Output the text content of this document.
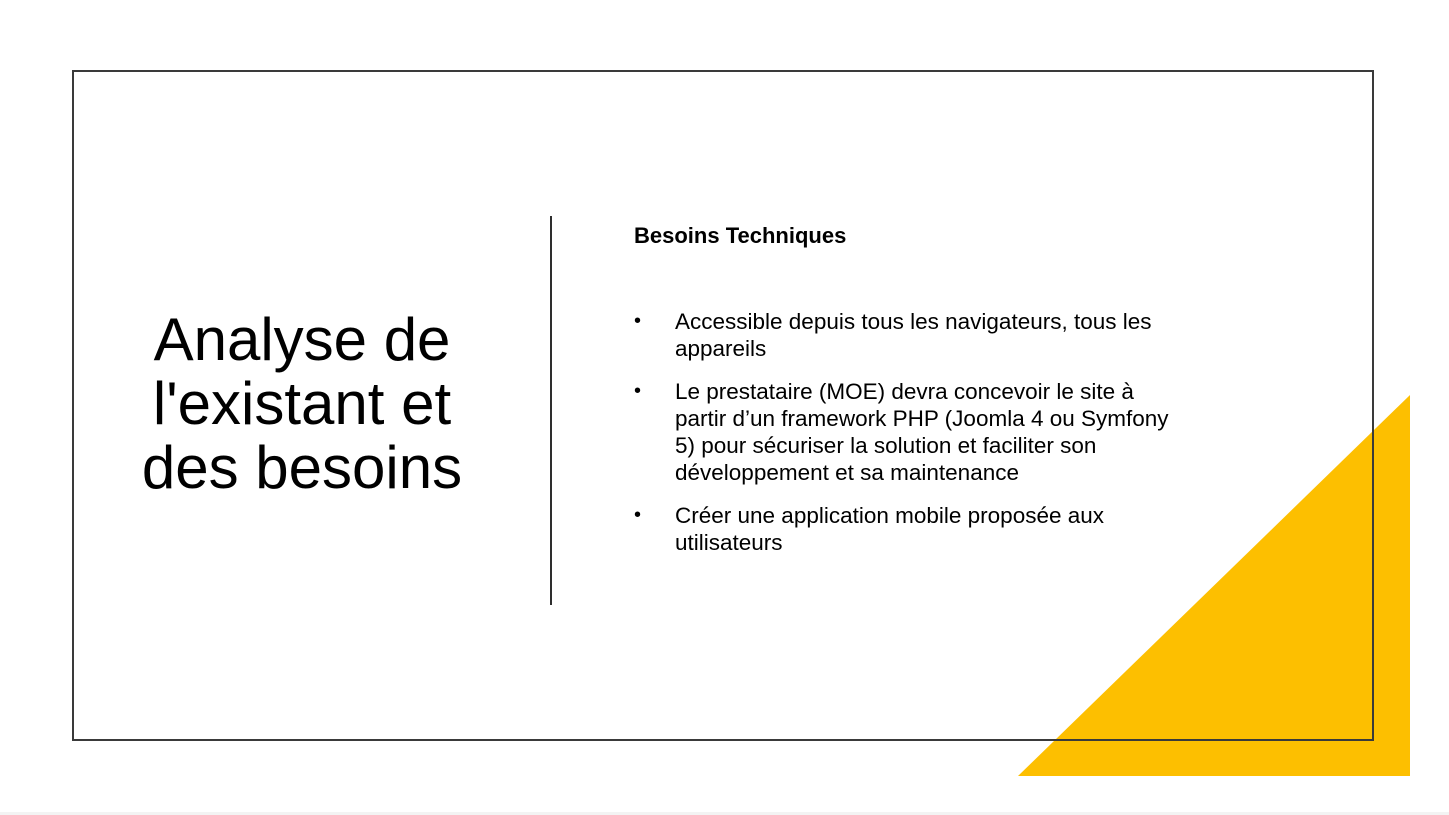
Analyse de l'existant et des besoins
Besoins Techniques
• Accessible depuis tous les navigateurs, tous les appareils
• Le prestataire (MOE) devra concevoir le site à partir d’un framework PHP (Joomla 4 ou Symfony 5) pour sécuriser la solution et faciliter son développement et sa maintenance
• Créer une application mobile proposée aux utilisateurs
